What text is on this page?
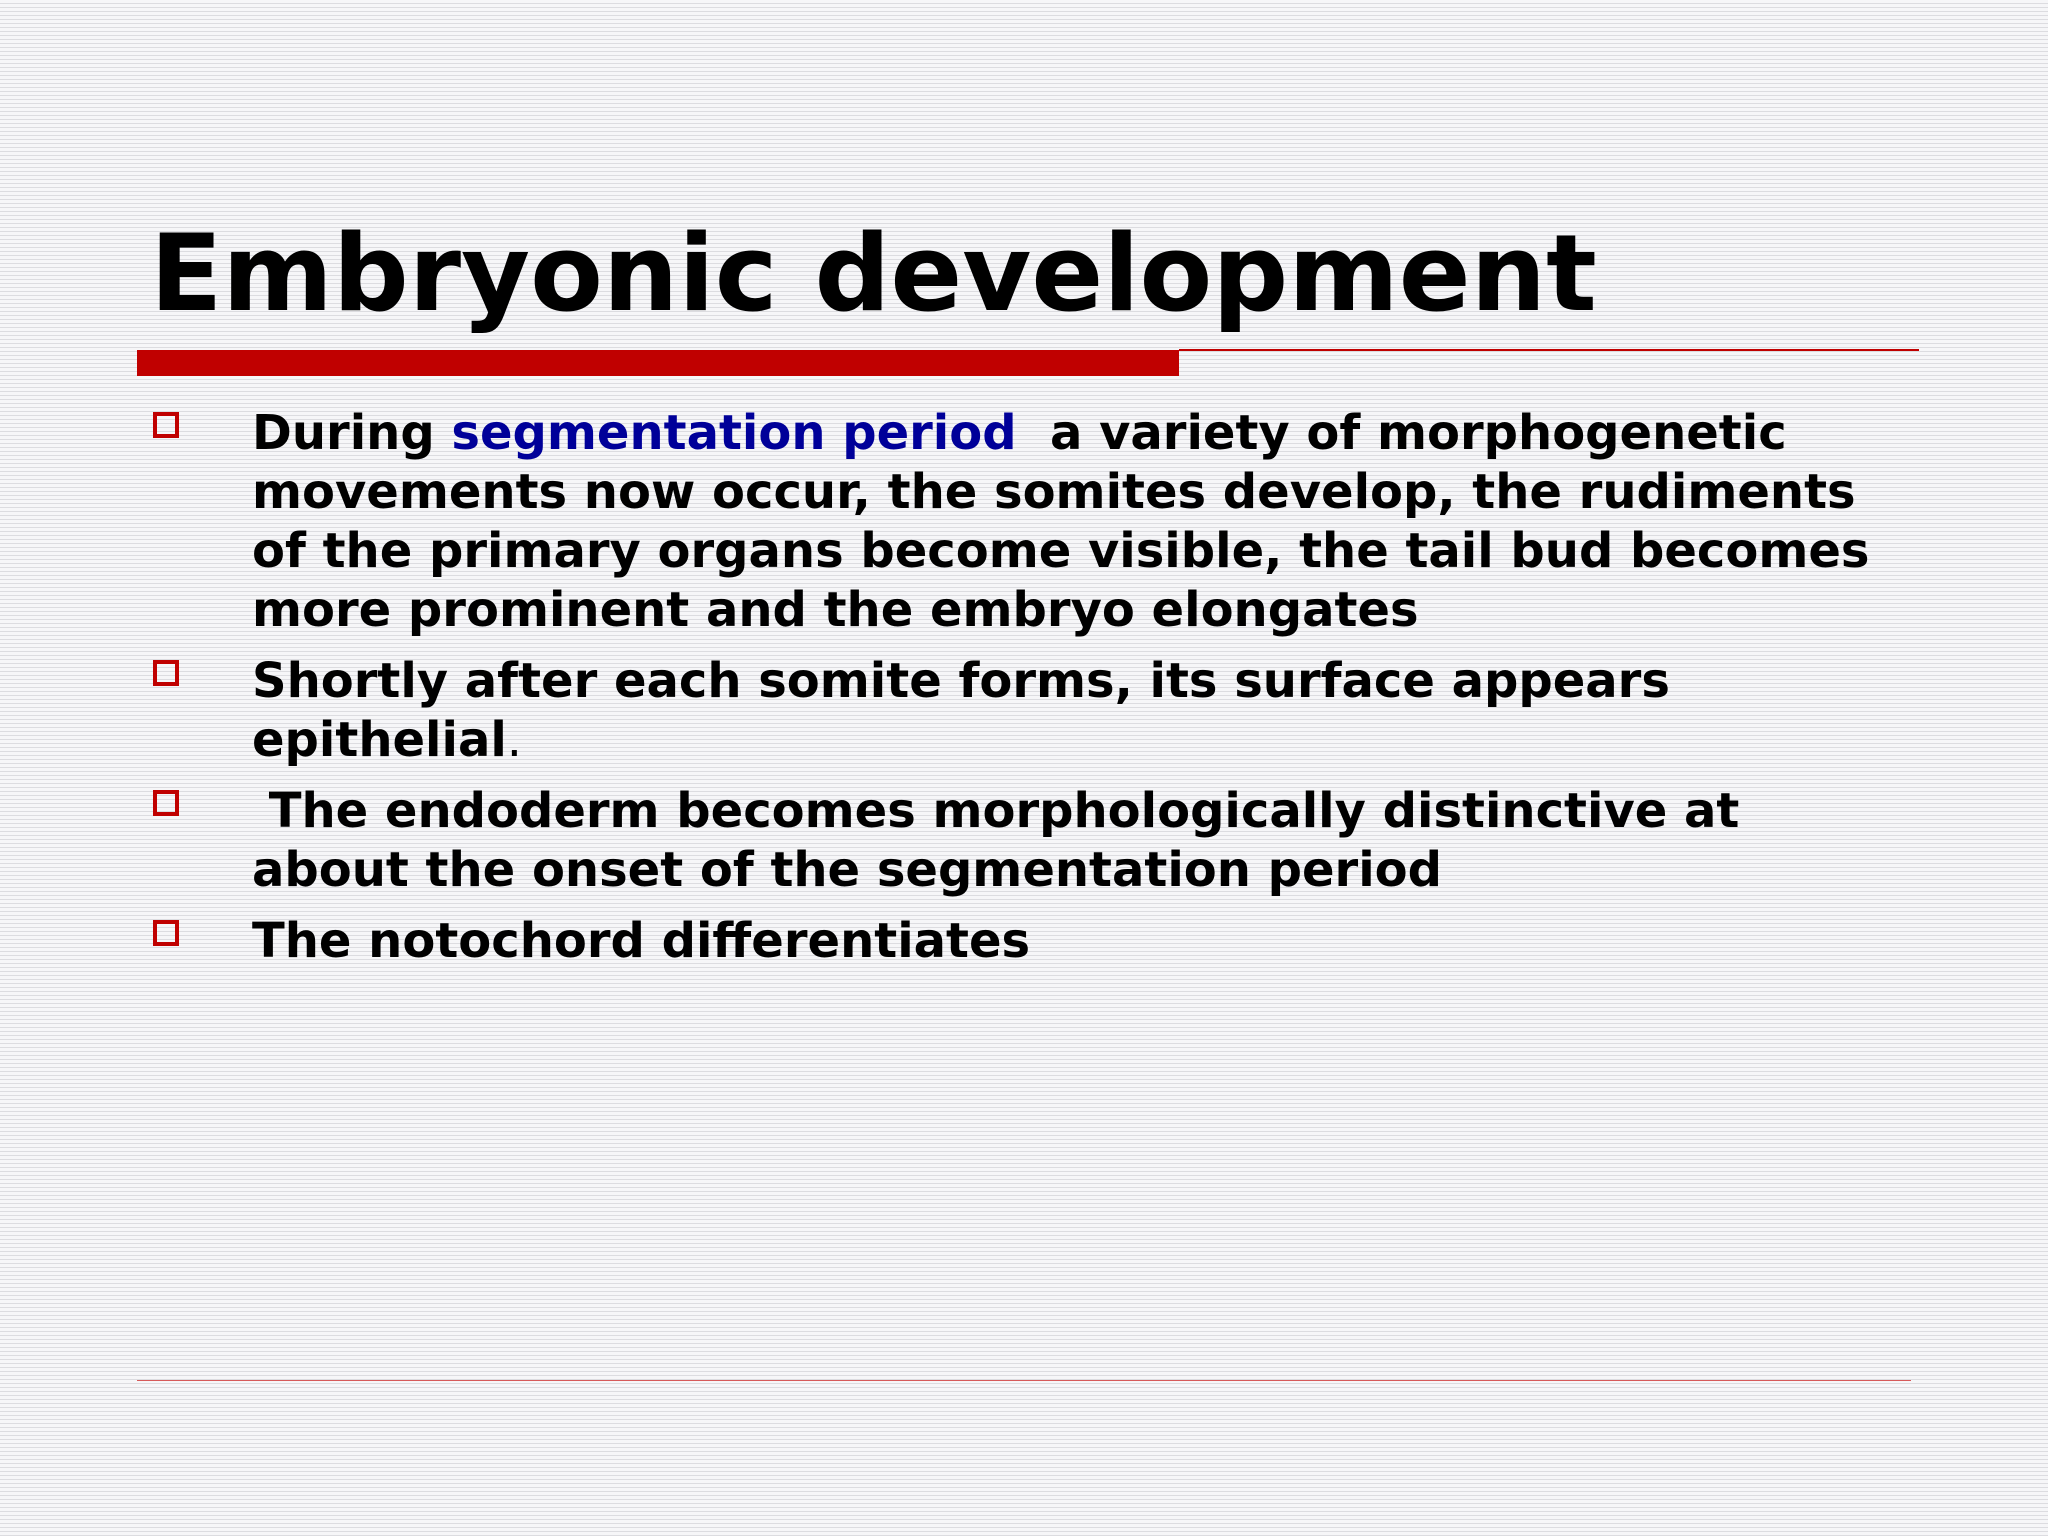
Embryonic development
During segmentation period  a variety of morphogenetic movements now occur, the somites develop, the rudiments of the primary organs become visible, the tail bud becomes more prominent and the embryo elongates
Shortly after each somite forms, its surface appears epithelial.
The endoderm becomes morphologically distinctive at about the onset of the segmentation period
The notochord differentiates
